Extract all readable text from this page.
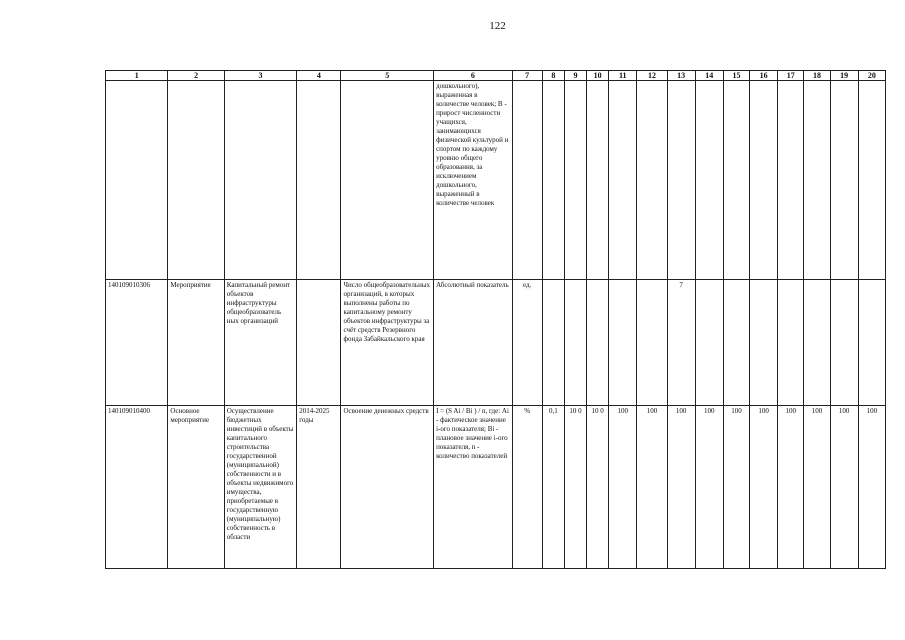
122
1	2	3	4	5	6	7	8	9	10	11	12	13	14	15	16	17	18	19	20
					дошкольного), выраженная в количестве человек; B - прирост численности учащихся, занимающихся физической культурой и спортом по каждому уровню общего образования, за исключением дошкольного, выраженный в количестве человек														
140109010306	Мероприятие	Капитальный ремонт объектов инфраструктуры общеобразователь ных организаций		Число общеобразовательных организаций, в которых выполнены работы по капитальному ремонту объектов инфраструктуры за счёт средств Резервного фонда Забайкальского края	Абсолютный показатель	ед.						7							
140109010400	Основное мероприятие	Осуществление бюджетных инвестиций в объекты капитального строительства государственной (муниципальной) собственности и в объекты недвижимого имущества, приобретаемые в государственную (муниципальную) собственность в области	2014-2025 годы	Освоение денежных средств	I = (S Ai / Bi ) / n, где: Ai - фактическое значение i-ого показателя; Bi - плановое значение i-ого показателя, n - количество показателей	%	0,1	10 0	10 0	100	100	100	100	100	100	100	100	100	100
